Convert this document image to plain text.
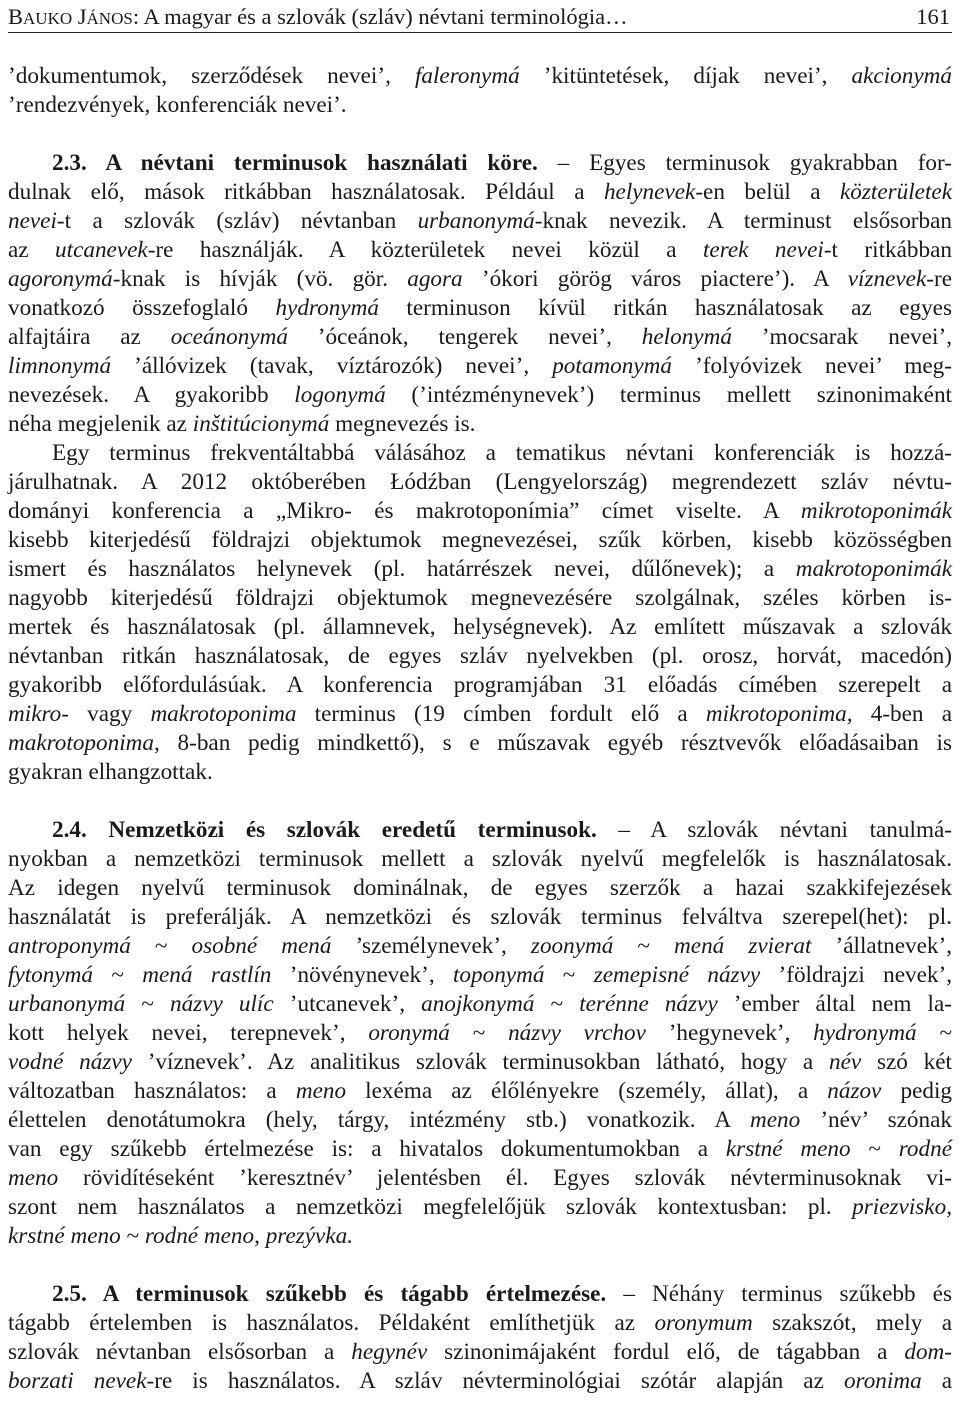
BAUKO JÁNOS: A magyar és a szlovák (szláv) névtani terminológia…	161
’dokumentumok, szerződések nevei’, faleronymá ’kitüntetések, díjak nevei’, akcionymá
’rendezvények, konferenciák nevei’.
2.3. A névtani terminusok használati köre. – Egyes terminusok gyakrabban for-
dulnak elő, mások ritkábban használatosak. Például a helynevek-en belül a közterületek
nevei-t a szlovák (szláv) névtanban urbanonymá-knak nevezik. A terminust elsősorban
az utcanevek-re használják. A közterületek nevei közül a terek nevei-t ritkábban
agoronymá-knak is hívják (vö. gör. agora ’ókori görög város piactere’). A víznevek-re
vonatkozó összefoglaló hydronymá terminuson kívül ritkán használatosak az egyes
alfajtáira az oceánonymá ’óceánok, tengerek nevei’, helonymá ’mocsarak nevei’,
limnonymá ’állóvizek (tavak, víztározók) nevei’, potamonymá ’folyóvizek nevei’ meg-
nevezések. A gyakoribb logonymá (’intézménynevek’) terminus mellett szinonimaként
néha megjelenik az inštitúcionymá megnevezés is.
Egy terminus frekventáltabbá válásához a tematikus névtani konferenciák is hozzá-
járulhatnak. A 2012 októberében Łódźban (Lengyelország) megrendezett szláv névtu-
dományi konferencia a „Mikro- és makrotoponímia” címet viselte. A mikrotoponimák
kisebb kiterjedésű földrajzi objektumok megnevezései, szűk körben, kisebb közösségben
ismert és használatos helynevek (pl. határrészek nevei, dűlőnevek); a makrotoponimák
nagyobb kiterjedésű földrajzi objektumok megnevezésére szolgálnak, széles körben is-
mertek és használatosak (pl. államnevek, helységnevek). Az említett műszavak a szlovák
névtanban ritkán használatosak, de egyes szláv nyelvekben (pl. orosz, horvát, macedón)
gyakoribb előfordulásúak. A konferencia programjában 31 előadás címében szerepelt a
mikro- vagy makrotoponima terminus (19 címben fordult elő a mikrotoponima, 4-ben a
makrotoponima, 8-ban pedig mindkettő), s e műszavak egyéb résztvevők előadásaiban is
gyakran elhangzottak.
2.4. Nemzetközi és szlovák eredetű terminusok. – A szlovák névtani tanulmá-
nyokban a nemzetközi terminusok mellett a szlovák nyelvű megfelelők is használatosak.
Az idegen nyelvű terminusok dominálnak, de egyes szerzők a hazai szakkifejezések
használatát is preferálják. A nemzetközi és szlovák terminus felváltva szerepel(het): pl.
antroponymá ~ osobné mená ’személynevek’, zoonymá ~ mená zvierat ’állatnevek’,
fytonymá ~ mená rastlín ’növénynevek’, toponymá ~ zemepisné názvy ’földrajzi nevek’,
urbanonymá ~ názvy ulíc ’utcanevek’, anojkonymá ~ terénne názvy ’ember által nem la-
kott helyek nevei, terepnevek’, oronymá ~ názvy vrchov ’hegynevek’, hydronymá ~
vodné názvy ’víznevek’. Az analitikus szlovák terminusokban látható, hogy a név szó két
változatban használatos: a meno lexéma az élőlényekre (személy, állat), a názov pedig
élettelen denotátumokra (hely, tárgy, intézmény stb.) vonatkozik. A meno ’név’ szónak
van egy szűkebb értelmezése is: a hivatalos dokumentumokban a krstné meno ~ rodné
meno rövidítéseként ’keresztnév’ jelentésben él. Egyes szlovák névterminusoknak vi-
szont nem használatos a nemzetközi megfelelőjük szlovák kontextusban: pl. priezvisko,
krstné meno ~ rodné meno, prezývka.
2.5. A terminusok szűkebb és tágabb értelmezése. – Néhány terminus szűkebb és
tágabb értelemben is használatos. Példaként említhetjük az oronymum szakszót, mely a
szlovák névtanban elsősorban a hegynév szinonimájaként fordul elő, de tágabban a dom-
borzati nevek-re is használatos. A szláv névterminológiai szótár alapján az oronima a
